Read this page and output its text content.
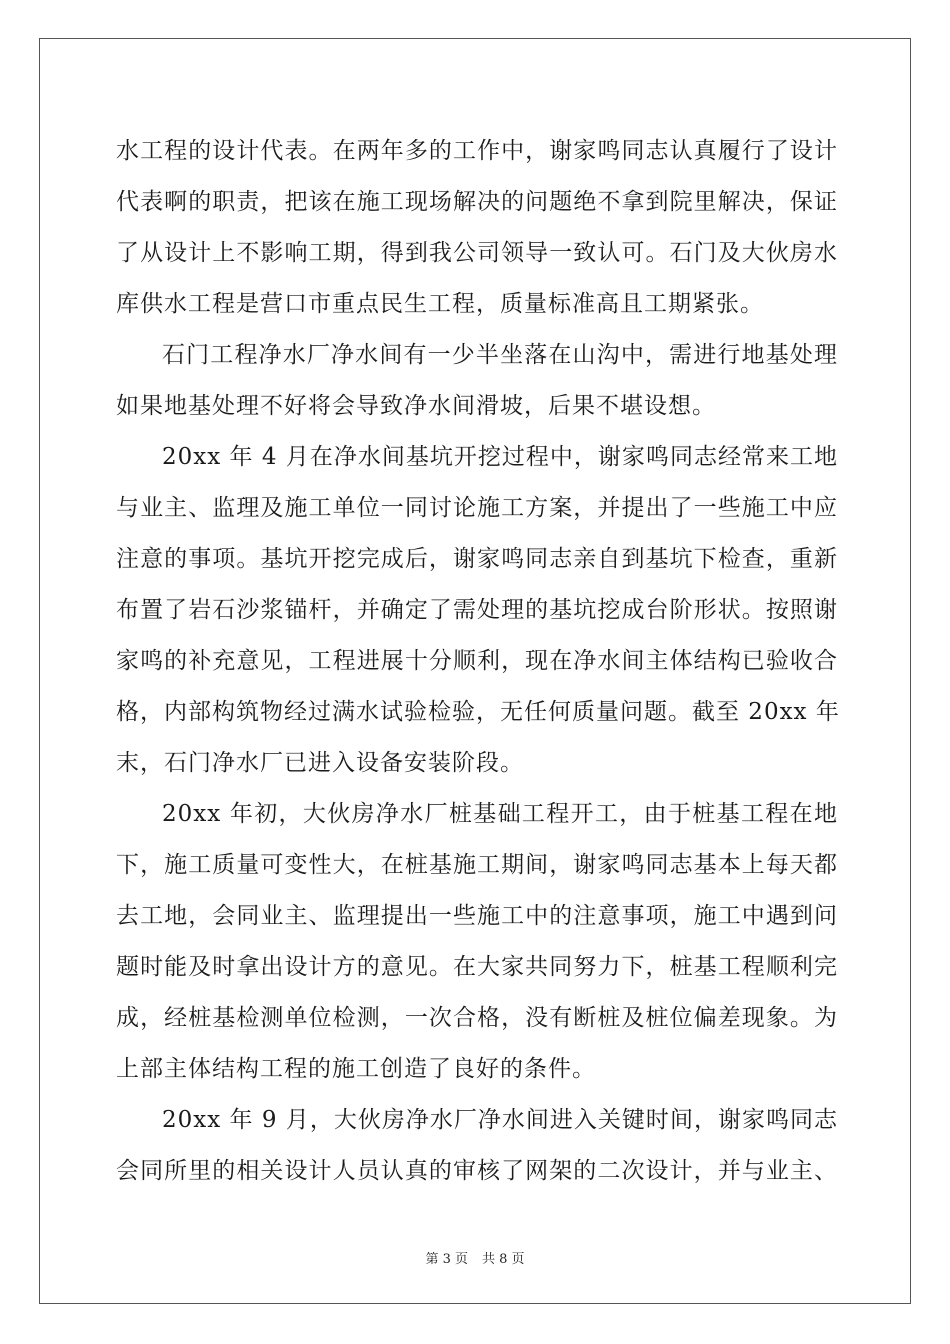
水工程的设计代表。在两年多的工作中，谢家鸣同志认真履行了设计
代表啊的职责，把该在施工现场解决的问题绝不拿到院里解决，保证
了从设计上不影响工期，得到我公司领导一致认可。石门及大伙房水
库供水工程是营口市重点民生工程，质量标准高且工期紧张。
石门工程净水厂净水间有一少半坐落在山沟中，需进行地基处理
如果地基处理不好将会导致净水间滑坡，后果不堪设想。
20xx 年 4 月在净水间基坑开挖过程中，谢家鸣同志经常来工地
与业主、监理及施工单位一同讨论施工方案，并提出了一些施工中应
注意的事项。基坑开挖完成后，谢家鸣同志亲自到基坑下检查，重新
布置了岩石沙浆锚杆，并确定了需处理的基坑挖成台阶形状。按照谢
家鸣的补充意见，工程进展十分顺利，现在净水间主体结构已验收合
格，内部构筑物经过满水试验检验，无任何质量问题。截至 20xx 年
末，石门净水厂已进入设备安装阶段。
20xx 年初，大伙房净水厂桩基础工程开工，由于桩基工程在地
下，施工质量可变性大，在桩基施工期间，谢家鸣同志基本上每天都
去工地，会同业主、监理提出一些施工中的注意事项，施工中遇到问
题时能及时拿出设计方的意见。在大家共同努力下，桩基工程顺利完
成，经桩基检测单位检测，一次合格，没有断桩及桩位偏差现象。为
上部主体结构工程的施工创造了良好的条件。
20xx 年 9 月，大伙房净水厂净水间进入关键时间，谢家鸣同志
会同所里的相关设计人员认真的审核了网架的二次设计，并与业主、
第 3 页 共 8 页
